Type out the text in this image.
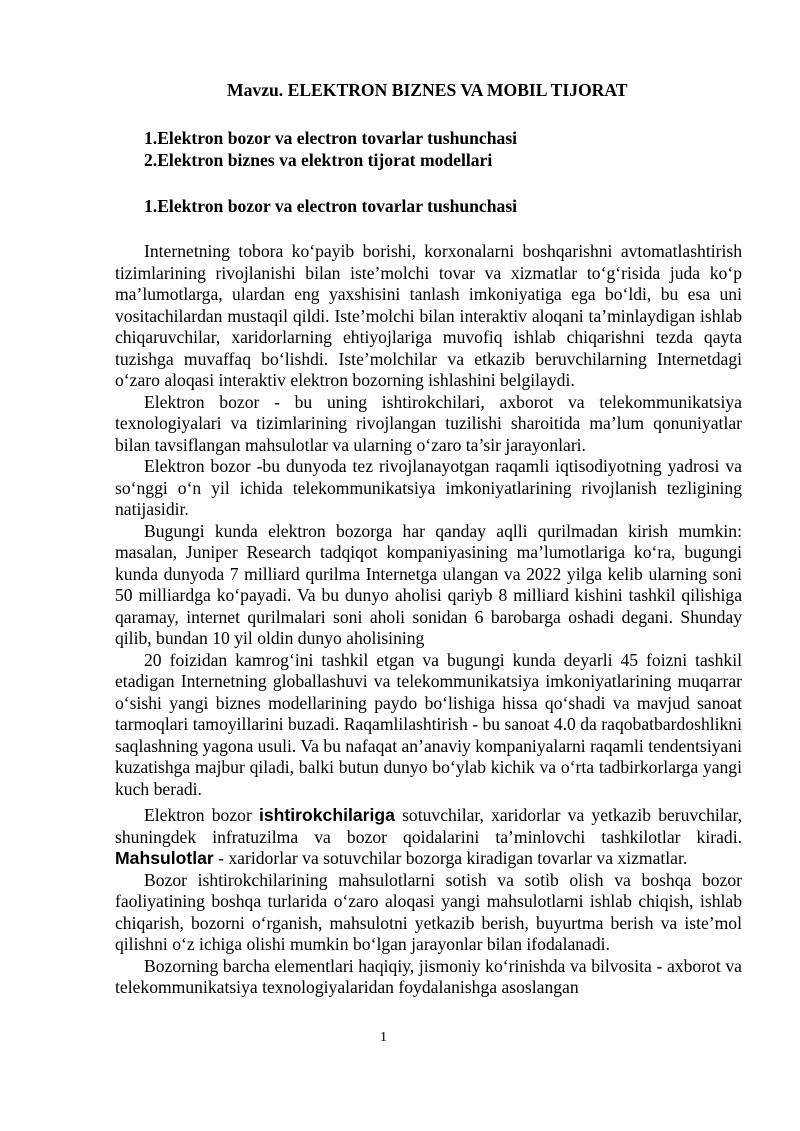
Mavzu. ELEKTRON BIZNES VA MOBIL TIJORAT
1.Elektron bozor va electron tovarlar tushunchasi
2.Elektron biznes va elektron tijorat modellari
1.Elektron bozor va electron tovarlar tushunchasi

Internetning tobora ko‘payib borishi, korxonalarni boshqarishni avtomatlashtirish tizimlarining rivojlanishi bilan iste’molchi tovar va xizmatlar to‘g‘risida juda ko‘p ma’lumotlarga, ulardan eng yaxshisini tanlash imkoniyatiga ega bo‘ldi, bu esa uni vositachilardan mustaqil qildi. Iste’molchi bilan interaktiv aloqani ta’minlaydigan ishlab chiqaruvchilar, xaridorlarning ehtiyojlariga muvofiq ishlab chiqarishni tezda qayta tuzishga muvaffaq bo‘lishdi. Iste’molchilar va etkazib beruvchilarning Internetdagi o‘zaro aloqasi interaktiv elektron bozorning ishlashini belgilaydi.

Elektron bozor - bu uning ishtirokchilari, axborot va telekommunikatsiya texnologiyalari va tizimlarining rivojlangan tuzilishi sharoitida ma’lum qonuniyatlar bilan tavsiflangan mahsulotlar va ularning o‘zaro ta’sir jarayonlari.

Elektron bozor -bu dunyoda tez rivojlanayotgan raqamli iqtisodiyotning yadrosi va so‘nggi o‘n yil ichida telekommunikatsiya imkoniyatlarining rivojlanish tezligining natijasidir.

Bugungi kunda elektron bozorga har qanday aqlli qurilmadan kirish mumkin: masalan, Juniper Research tadqiqot kompaniyasining ma’lumotlariga ko‘ra, bugungi kunda dunyoda 7 milliard qurilma Internetga ulangan va 2022 yilga kelib ularning soni 50 milliardga ko‘payadi. Va bu dunyo aholisi qariyb 8 milliard kishini tashkil qilishiga qaramay, internet qurilmalari soni aholi sonidan 6 barobarga oshadi degani. Shunday qilib, bundan 10 yil oldin dunyo aholisining

20 foizidan kamrog‘ini tashkil etgan va bugungi kunda deyarli 45 foizni tashkil etadigan Internetning globallashuvi va telekommunikatsiya imkoniyatlarining muqarrar o‘sishi yangi biznes modellarining paydo bo‘lishiga hissa qo‘shadi va mavjud sanoat tarmoqlari tamoyillarini buzadi. Raqamlilashtirish - bu sanoat 4.0 da raqobatbardoshlikni saqlashning yagona usuli. Va bu nafaqat an’anaviy kompaniyalarni raqamli tendentsiyani kuzatishga majbur qiladi, balki butun dunyo bo‘ylab kichik va o‘rta tadbirkorlarga yangi kuch beradi.

Elektron bozor ishtirokchilariga sotuvchilar, xaridorlar va yetkazib beruvchilar, shuningdek infratuzilma va bozor qoidalarini ta’minlovchi tashkilotlar kiradi. Mahsulotlar - xaridorlar va sotuvchilar bozorga kiradigan tovarlar va xizmatlar.

Bozor ishtirokchilarining mahsulotlarni sotish va sotib olish va boshqa bozor faoliyatining boshqa turlarida o‘zaro aloqasi yangi mahsulotlarni ishlab chiqish, ishlab chiqarish, bozorni o‘rganish, mahsulotni yetkazib berish, buyurtma berish va iste’mol qilishni o‘z ichiga olishi mumkin bo‘lgan jarayonlar bilan ifodalanadi.

Bozorning barcha elementlari haqiqiy, jismoniy ko‘rinishda va bilvosita - axborot va telekommunikatsiya texnologiyalaridan foydalanishga asoslangan

1
